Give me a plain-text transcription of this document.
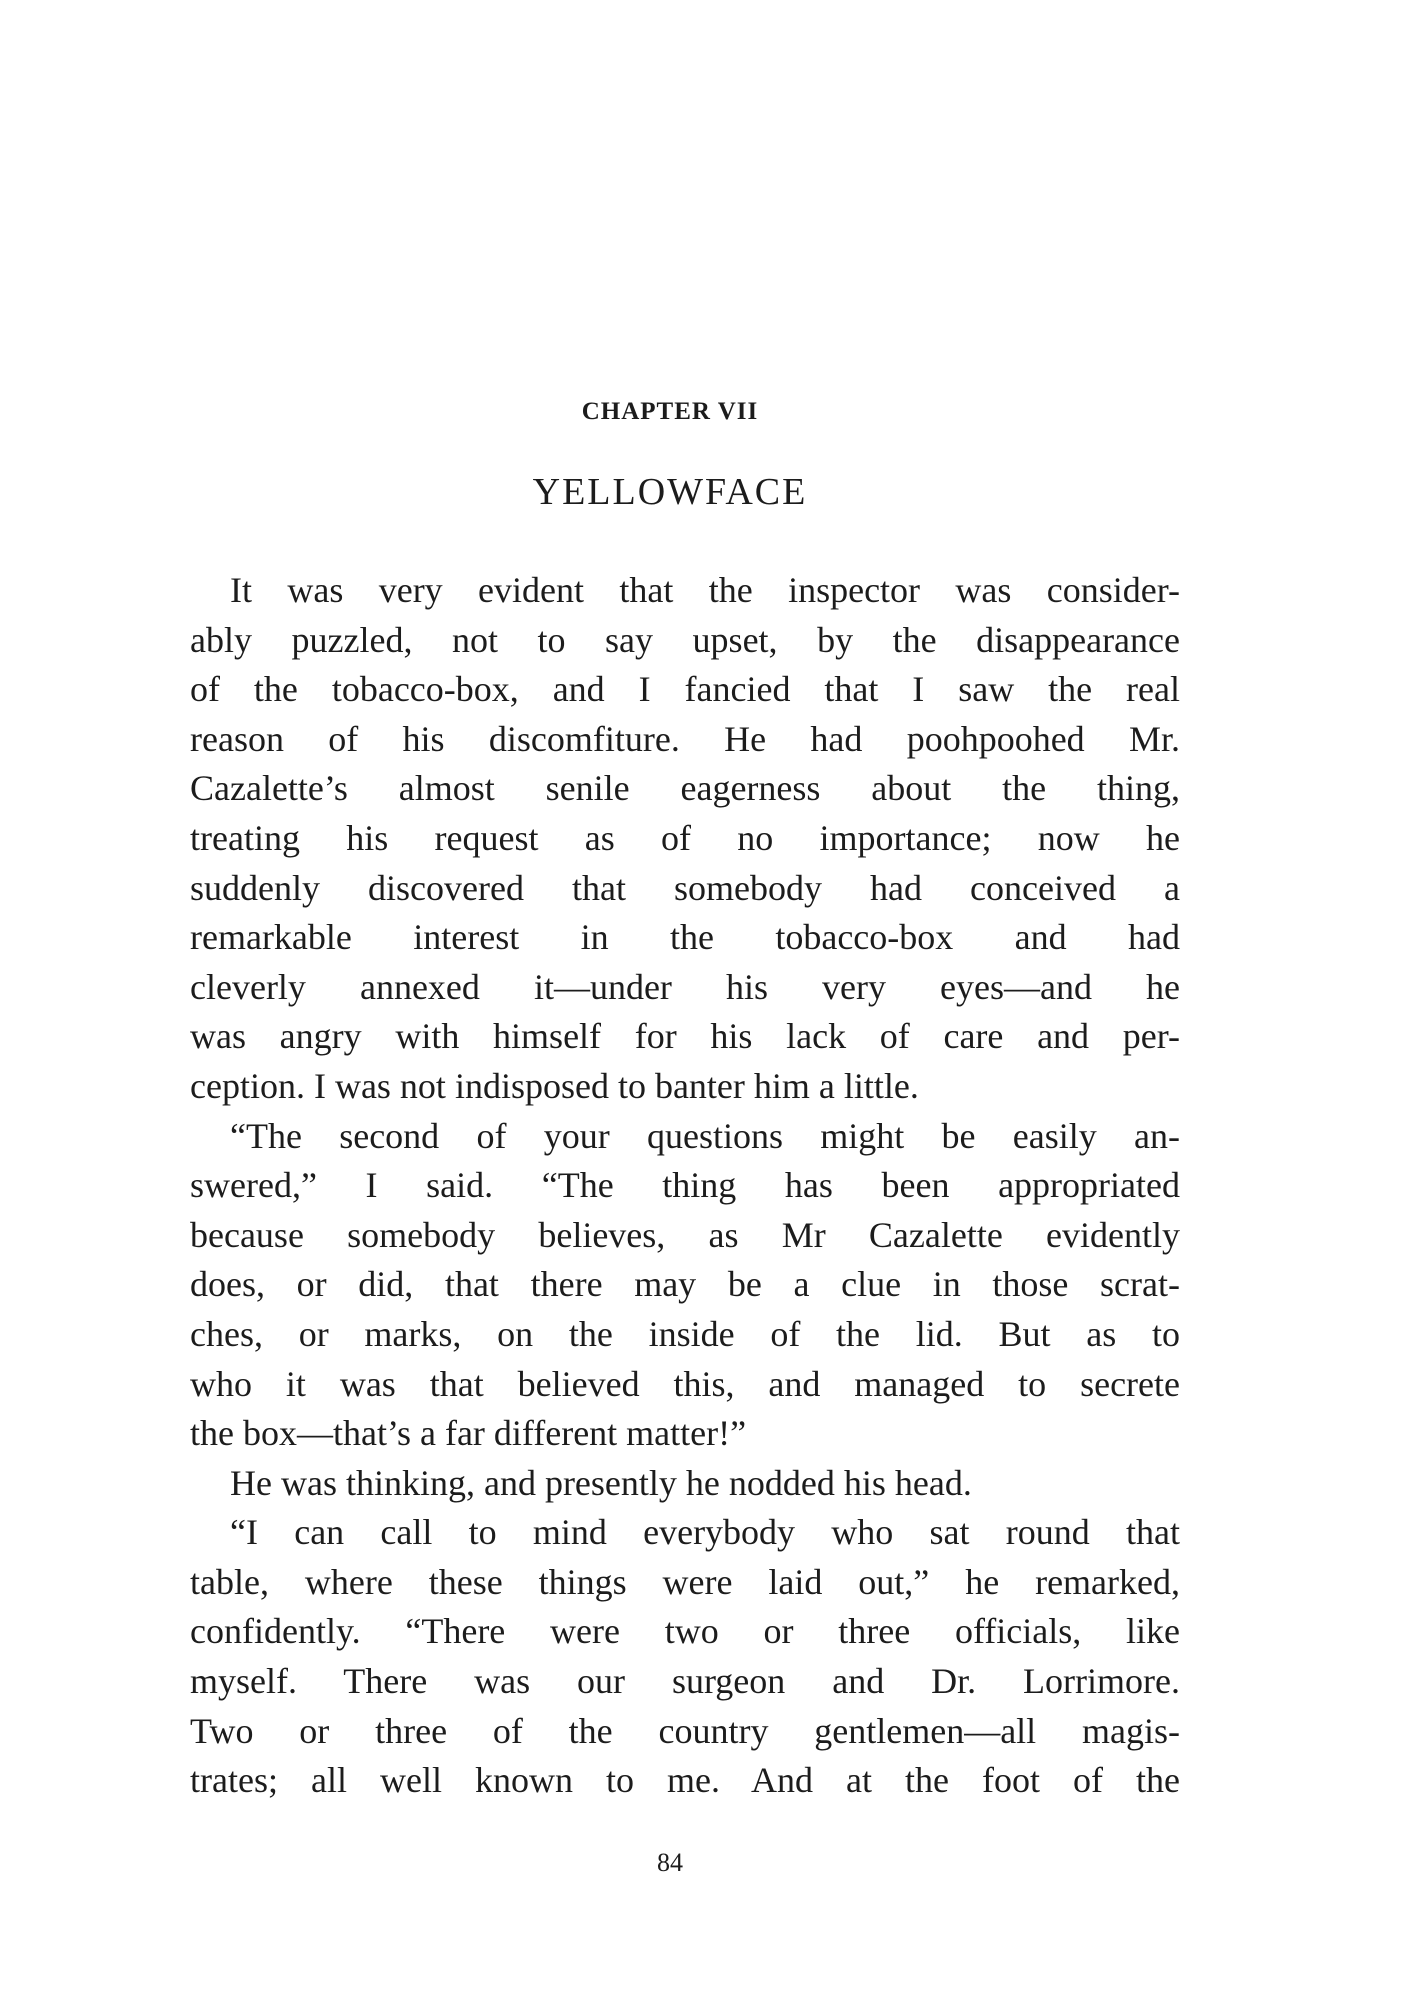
CHAPTER VII
YELLOWFACE
It was very evident that the inspector was consider-
ably puzzled, not to say upset, by the disappearance
of the tobacco-box, and I fancied that I saw the real
reason of his discomfiture. He had poohpoohed Mr.
Cazalette’s almost senile eagerness about the thing,
treating his request as of no importance; now he
suddenly discovered that somebody had conceived a
remarkable interest in the tobacco-box and had
cleverly annexed it—under his very eyes—and he
was angry with himself for his lack of care and per-
ception. I was not indisposed to banter him a little.
“The second of your questions might be easily an-
swered,” I said. “The thing has been appropriated
because somebody believes, as Mr Cazalette evidently
does, or did, that there may be a clue in those scrat-
ches, or marks, on the inside of the lid. But as to
who it was that believed this, and managed to secrete
the box—that’s a far different matter!”
He was thinking, and presently he nodded his head.
“I can call to mind everybody who sat round that
table, where these things were laid out,” he remarked,
confidently. “There were two or three officials, like
myself. There was our surgeon and Dr. Lorrimore.
Two or three of the country gentlemen—all magis-
trates; all well known to me. And at the foot of the
84
